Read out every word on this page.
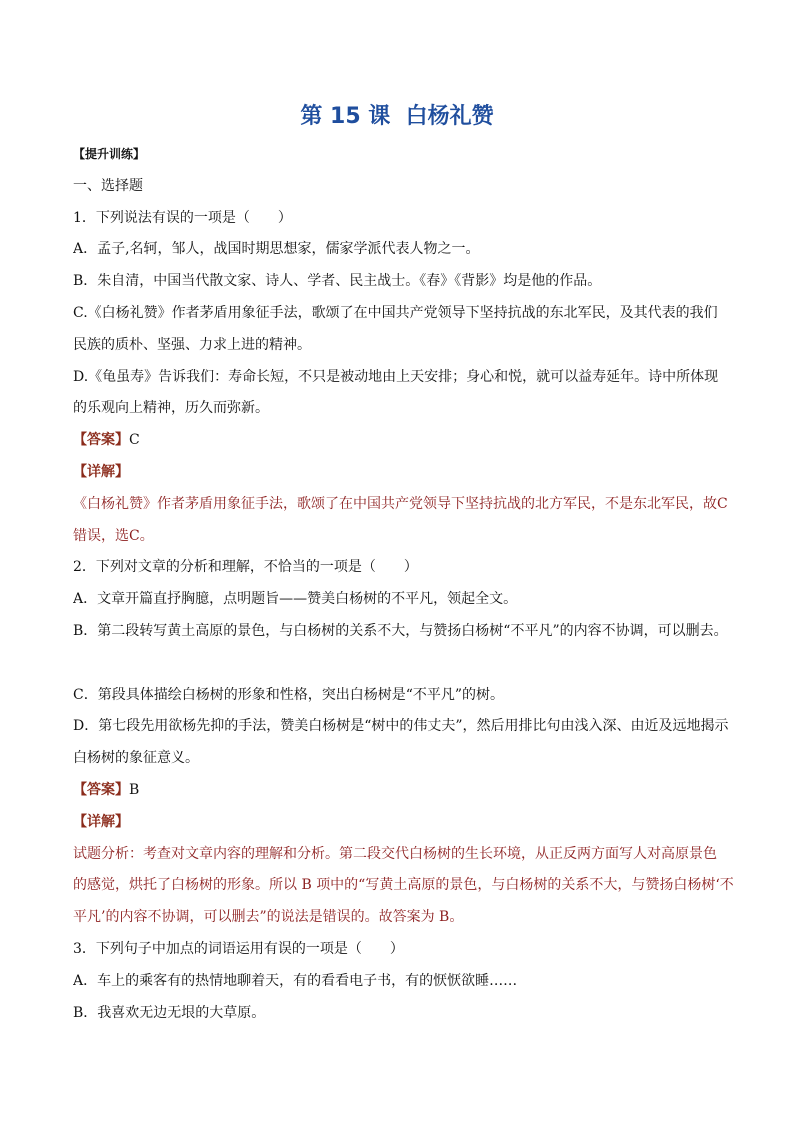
第 15 课  白杨礼赞
【提升训练】
一、选择题
1．下列说法有误的一项是（　　）
A．孟子,名轲，邹人，战国时期思想家，儒家学派代表人物之一。
B．朱自清，中国当代散文家、诗人、学者、民主战士。《春》《背影》均是他的作品。
C.《白杨礼赞》作者茅盾用象征手法，歌颂了在中国共产党领导下坚持抗战的东北军民，及其代表的我们
民族的质朴、坚强、力求上进的精神。
D.《龟虽寿》告诉我们：寿命长短，不只是被动地由上天安排；身心和悦，就可以益寿延年。诗中所体现
的乐观向上精神，历久而弥新。
【答案】C
【详解】
《白杨礼赞》作者茅盾用象征手法，歌颂了在中国共产党领导下坚持抗战的北方军民，不是东北军民，故C
错误，选C。
2．下列对文章的分析和理解，不恰当的一项是（　　）
A．文章开篇直抒胸臆，点明题旨——赞美白杨树的不平凡，领起全文。
B．第二段转写黄土高原的景色，与白杨树的关系不大，与赞扬白杨树“不平凡”的内容不协调，可以删去。
C．第段具体描绘白杨树的形象和性格，突出白杨树是“不平凡”的树。
D．第七段先用欲杨先抑的手法，赞美白杨树是“树中的伟丈夫”，然后用排比句由浅入深、由近及远地揭示
白杨树的象征意义。
【答案】B
【详解】
试题分析：考查对文章内容的理解和分析。第二段交代白杨树的生长环境，从正反两方面写人对高原景色
的感觉，烘托了白杨树的形象。所以 B 项中的“写黄土高原的景色，与白杨树的关系不大，与赞扬白杨树‘不
平凡’的内容不协调，可以删去”的说法是错误的。故答案为 B。
3．下列句子中加点的词语运用有误的一项是（　　）
A．车上的乘客有的热情地聊着天，有的看看电子书，有的恹恹欲睡……
B．我喜欢无边无垠的大草原。
